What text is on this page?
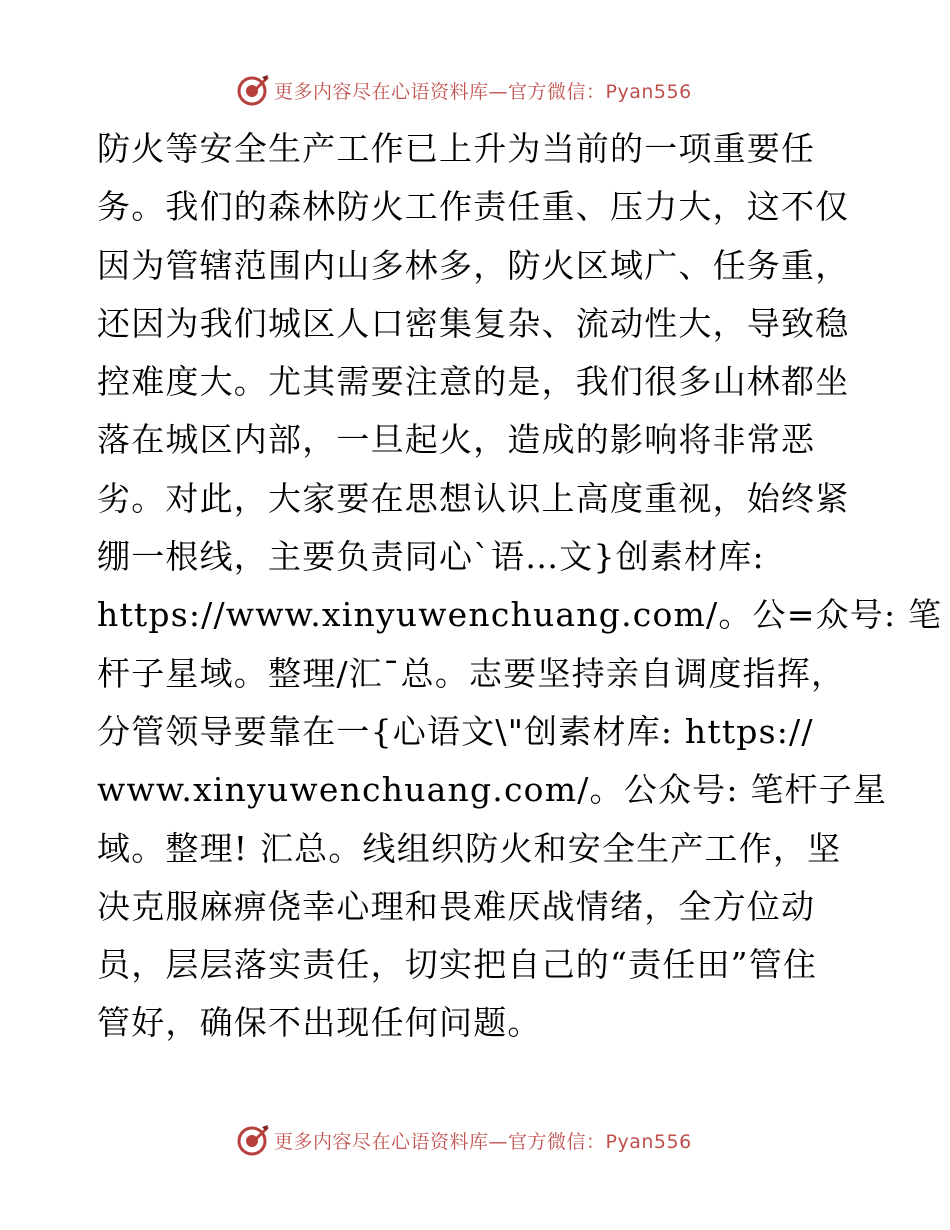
更多内容尽在心语资料库—官方微信：Pyan556
防火等安全生产工作已上升为当前的一项重要任
务。我们的森林防火工作责任重、压力大，这不仅
因为管辖范围内山多林多，防火区域广、任务重，
还因为我们城区人口密集复杂、流动性大，导致稳
控难度大。尤其需要注意的是，我们很多山林都坐
落在城区内部，一旦起火，造成的影响将非常恶
劣。对此，大家要在思想认识上高度重视，始终紧
绷一根线，主要负责同心`语…文}创素材库:
https://www.xinyuwenchuang.com/。公=众号: 笔
杆子星域。整理/汇¯总。志要坚持亲自调度指挥，
分管领导要靠在一{心语文\"创素材库: https://
www.xinyuwenchuang.com/。公众号: 笔杆子星
域。整理! 汇总。线组织防火和安全生产工作，坚
决克服麻痹侥幸心理和畏难厌战情绪，全方位动
员，层层落实责任，切实把自己的“责任田”管住
管好，确保不出现任何问题。
更多内容尽在心语资料库—官方微信：Pyan556
